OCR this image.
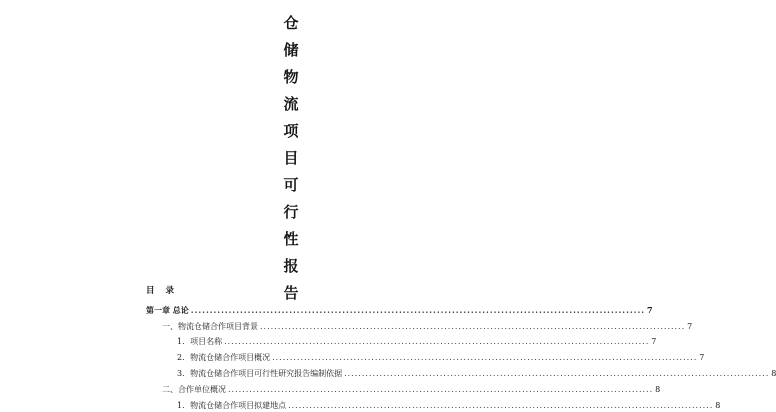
仓
储
物
流
项
目
可
行
性
报
告
目 录
第一章 总论 ........................................................................................................................ 7
一、物流仓储合作项目背景 ........................................................................................................................ 7
1．项目名称 ........................................................................................................................ 7
2．物流仓储合作项目概况 ........................................................................................................................ 7
3．物流仓储合作项目可行性研究报告编制依据 ........................................................................................................................ 8
二、合作单位概况 ........................................................................................................................ 8
1．物流仓储合作项目拟建地点 ........................................................................................................................ 8
